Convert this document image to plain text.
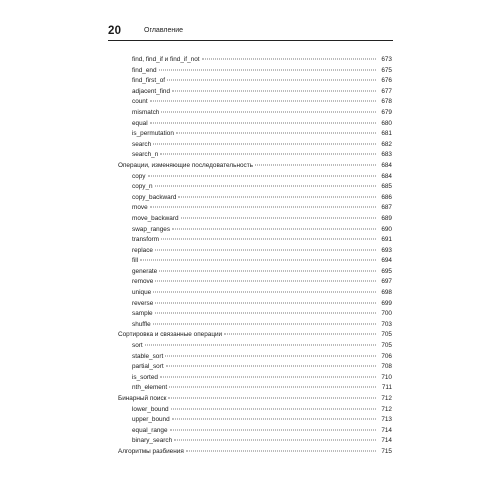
20	Оглавление
find, find_if и find_if_not	673
find_end	675
find_first_of	676
adjacent_find	677
count	678
mismatch	679
equal	680
is_permutation	681
search	682
search_n	683
Операции, изменяющие последовательность	684
copy	684
copy_n	685
copy_backward	686
move	687
move_backward	689
swap_ranges	690
transform	691
replace	693
fill	694
generate	695
remove	697
unique	698
reverse	699
sample	700
shuffle	703
Сортировка и связанные операции	705
sort	705
stable_sort	706
partial_sort	708
is_sorted	710
nth_element	711
Бинарный поиск	712
lower_bound	712
upper_bound	713
equal_range	714
binary_search	714
Алгоритмы разбиения	715
